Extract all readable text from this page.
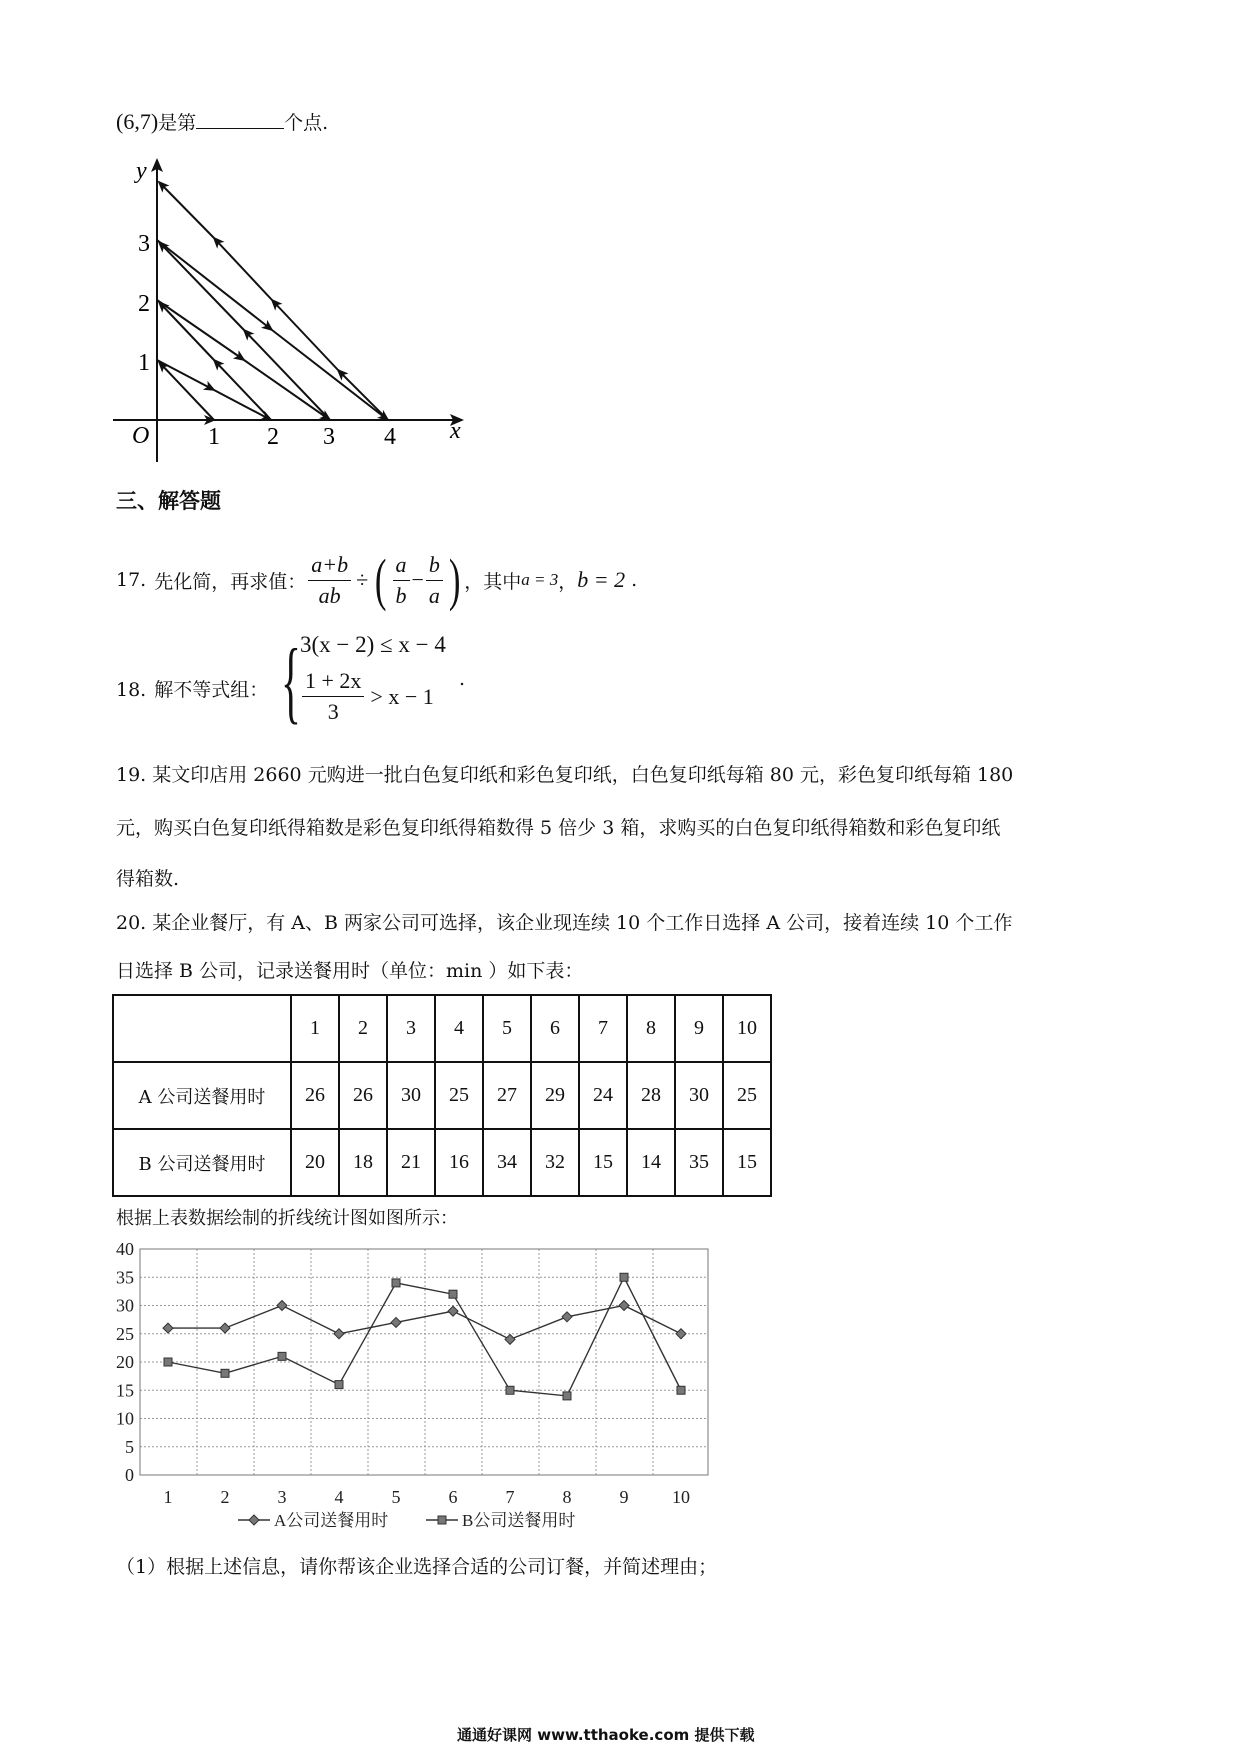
(6,7)是第	个点.
y
x
O 1 2 3 4
1
2
3
三、解答题
17. 先化简，再求值： $\frac{a+b}{ab}$ ÷ ( $\frac{a}{b} - \frac{b}{a}$ ) ，其中 a = 3 ， b = 2 .
18. 解不等式组： { 3(x − 2) ≤ x − 4
$\frac{1 + 2x}{3} > x - 1$
.
19. 某文印店用 2660 元购进一批白色复印纸和彩色复印纸，白色复印纸每箱 80 元，彩色复印纸每箱 180
元，购买白色复印纸得箱数是彩色复印纸得箱数得 5 倍少 3 箱，求购买的白色复印纸得箱数和彩色复印纸
得箱数.
20. 某企业餐厅，有 A、B 两家公司可选择，该企业现连续 10 个工作日选择 A 公司，接着连续 10 个工作
日选择 B 公司，记录送餐用时（单位：min ）如下表：
	1	2	3	4	5	6	7	8	9	10
A 公司送餐用时	26	26	30	25	27	29	24	28	30	25
B 公司送餐用时	20	18	21	16	34	32	15	14	35	15
根据上表数据绘制的折线统计图如图所示：
0
5
10
15
20
25
30
35
40
1	2	3	4	5	6	7	8	9 10
A公司送餐用时	B公司送餐用时
（1）根据上述信息，请你帮该企业选择合适的公司订餐，并简述理由；
通通好课网 www.tthaoke.com 提供下载
